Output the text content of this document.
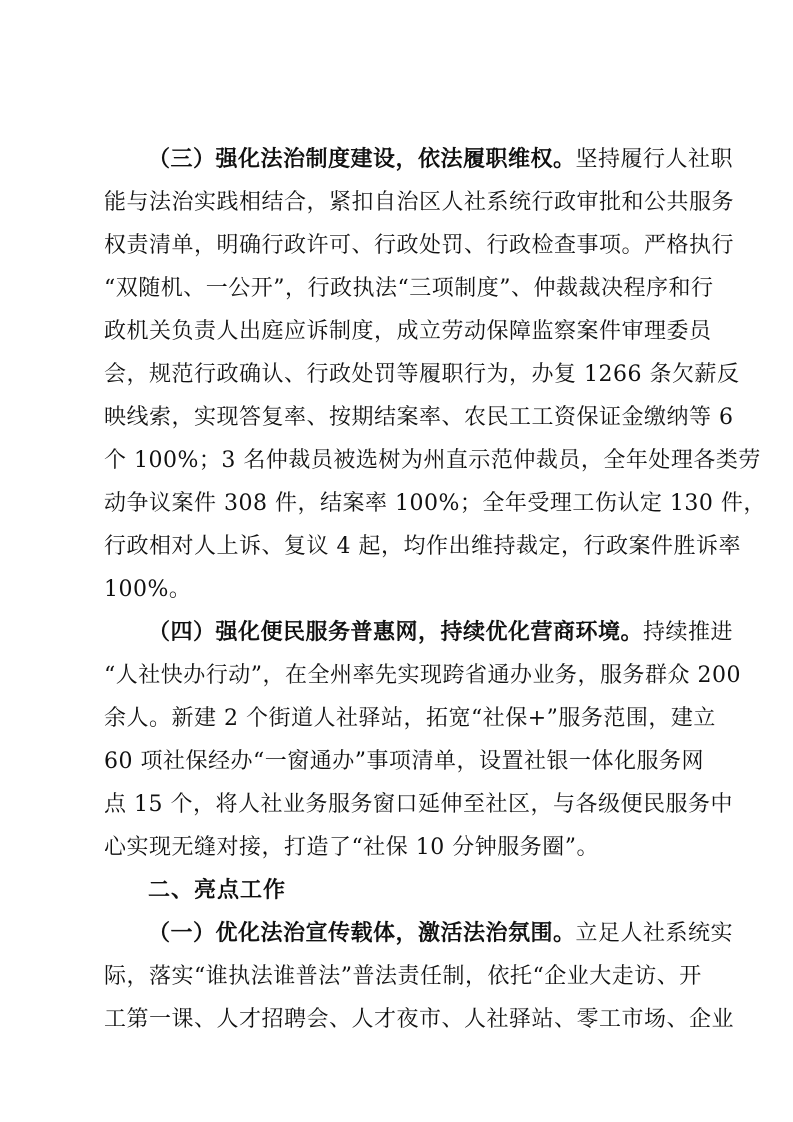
（三）强化法治制度建设，依法履职维权。坚持履行人社职
能与法治实践相结合，紧扣自治区人社系统行政审批和公共服务
权责清单，明确行政许可、行政处罚、行政检查事项。严格执行
“双随机、一公开”，行政执法“三项制度”、仲裁裁决程序和行
政机关负责人出庭应诉制度，成立劳动保障监察案件审理委员
会，规范行政确认、行政处罚等履职行为，办复 1266 条欠薪反
映线索，实现答复率、按期结案率、农民工工资保证金缴纳等 6
个 100%；3 名仲裁员被选树为州直示范仲裁员，全年处理各类劳
动争议案件 308 件，结案率 100%；全年受理工伤认定 130 件，
行政相对人上诉、复议 4 起，均作出维持裁定，行政案件胜诉率
100%。
（四）强化便民服务普惠网，持续优化营商环境。持续推进
“人社快办行动”，在全州率先实现跨省通办业务，服务群众 200
余人。新建 2 个街道人社驿站，拓宽“社保+”服务范围，建立
60 项社保经办“一窗通办”事项清单，设置社银一体化服务网
点 15 个，将人社业务服务窗口延伸至社区，与各级便民服务中
心实现无缝对接，打造了“社保 10 分钟服务圈”。
二、亮点工作
（一）优化法治宣传载体，激活法治氛围。立足人社系统实
际，落实“谁执法谁普法”普法责任制，依托“企业大走访、开
工第一课、人才招聘会、人才夜市、人社驿站、零工市场、企业
